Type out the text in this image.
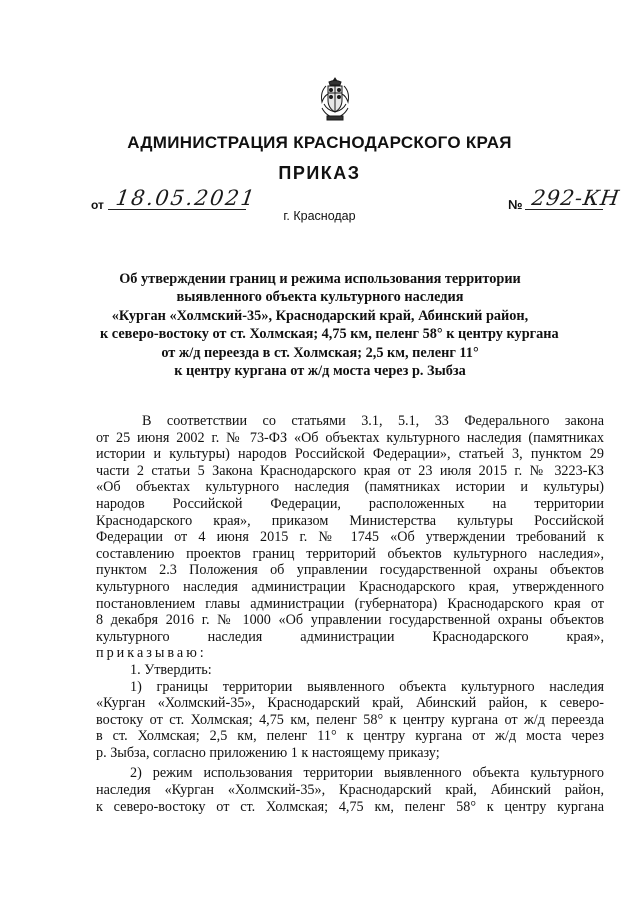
АДМИНИСТРАЦИЯ КРАСНОДАРСКОГО КРАЯ
ПРИКАЗ
от 18.05.2021	№ 292-КН
г. Краснодар
Об утверждении границ и режима использования территории
выявленного объекта культурного наследия
«Курган «Холмский-35», Краснодарский край, Абинский район,
к северо-востоку от ст. Холмская; 4,75 км, пеленг 58° к центру кургана
от ж/д переезда в ст. Холмская; 2,5 км, пеленг 11°
к центру кургана от ж/д моста через р. Зыбза
В соответствии со статьями 3.1, 5.1, 33 Федерального закона
от 25 июня 2002 г. № 73-ФЗ «Об объектах культурного наследия (памятниках
истории и культуры) народов Российской Федерации», статьей 3, пунктом 29
части 2 статьи 5 Закона Краснодарского края от 23 июля 2015 г. № 3223-КЗ
«Об объектах культурного наследия (памятниках истории и культуры)
народов Российской Федерации, расположенных на территории
Краснодарского края», приказом Министерства культуры Российской
Федерации от 4 июня 2015 г. № 1745 «Об утверждении требований к
составлению проектов границ территорий объектов культурного наследия»,
пунктом 2.3 Положения об управлении государственной охраны объектов
культурного наследия администрации Краснодарского края, утвержденного
постановлением главы администрации (губернатора) Краснодарского края от
8 декабря 2016 г. № 1000 «Об управлении государственной охраны объектов
культурного наследия администрации Краснодарского края»,
приказываю:
1. Утвердить:
1) границы территории выявленного объекта культурного наследия
«Курган «Холмский-35», Краснодарский край, Абинский район, к северо-
востоку от ст. Холмская; 4,75 км, пеленг 58° к центру кургана от ж/д переезда
в ст. Холмская; 2,5 км, пеленг 11° к центру кургана от ж/д моста через
р. Зыбза, согласно приложению 1 к настоящему приказу;
2) режим использования территории выявленного объекта культурного
наследия «Курган «Холмский-35», Краснодарский край, Абинский район,
к северо-востоку от ст. Холмская; 4,75 км, пеленг 58° к центру кургана
